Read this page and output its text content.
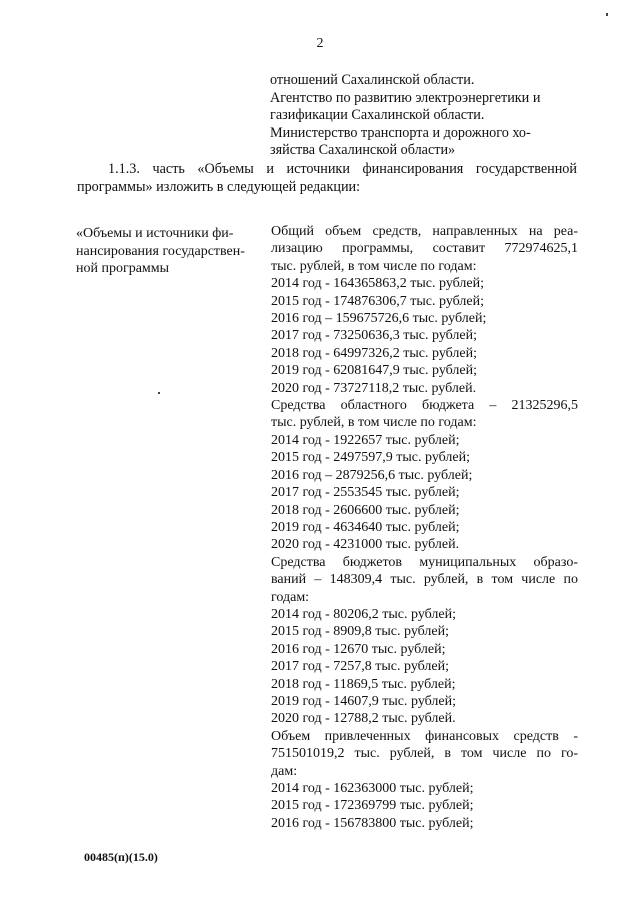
2
отношений Сахалинской области.
Агентство по развитию электроэнергетики и
газификации Сахалинской области.
Министерство транспорта и дорожного хо-
зяйства Сахалинской области»
1.1.3. часть «Объемы и источники финансирования государственной программы» изложить в следующей редакции:
«Объемы и источники фи-
нансирования государствен-
ной программы
Общий объем средств, направленных на реа-
лизацию программы, составит 772974625,1
тыс. рублей, в том числе по годам:
2014 год - 164365863,2 тыс. рублей;
2015 год - 174876306,7 тыс. рублей;
2016 год – 159675726,6 тыс. рублей;
2017 год - 73250636,3 тыс. рублей;
2018 год - 64997326,2 тыс. рублей;
2019 год - 62081647,9 тыс. рублей;
2020 год - 73727118,2 тыс. рублей.
Средства областного бюджета – 21325296,5
тыс. рублей, в том числе по годам:
2014 год - 1922657 тыс. рублей;
2015 год - 2497597,9 тыс. рублей;
2016 год – 2879256,6 тыс. рублей;
2017 год - 2553545 тыс. рублей;
2018 год - 2606600 тыс. рублей;
2019 год - 4634640 тыс. рублей;
2020 год - 4231000 тыс. рублей.
Средства бюджетов муниципальных образо-
ваний – 148309,4 тыс. рублей, в том числе по
годам:
2014 год - 80206,2 тыс. рублей;
2015 год - 8909,8 тыс. рублей;
2016 год - 12670 тыс. рублей;
2017 год - 7257,8 тыс. рублей;
2018 год - 11869,5 тыс. рублей;
2019 год - 14607,9 тыс. рублей;
2020 год - 12788,2 тыс. рублей.
Объем привлеченных финансовых средств -
751501019,2 тыс. рублей, в том числе по го-
дам:
2014 год - 162363000 тыс. рублей;
2015 год - 172369799 тыс. рублей;
2016 год - 156783800 тыс. рублей;
00485(п)(15.0)
